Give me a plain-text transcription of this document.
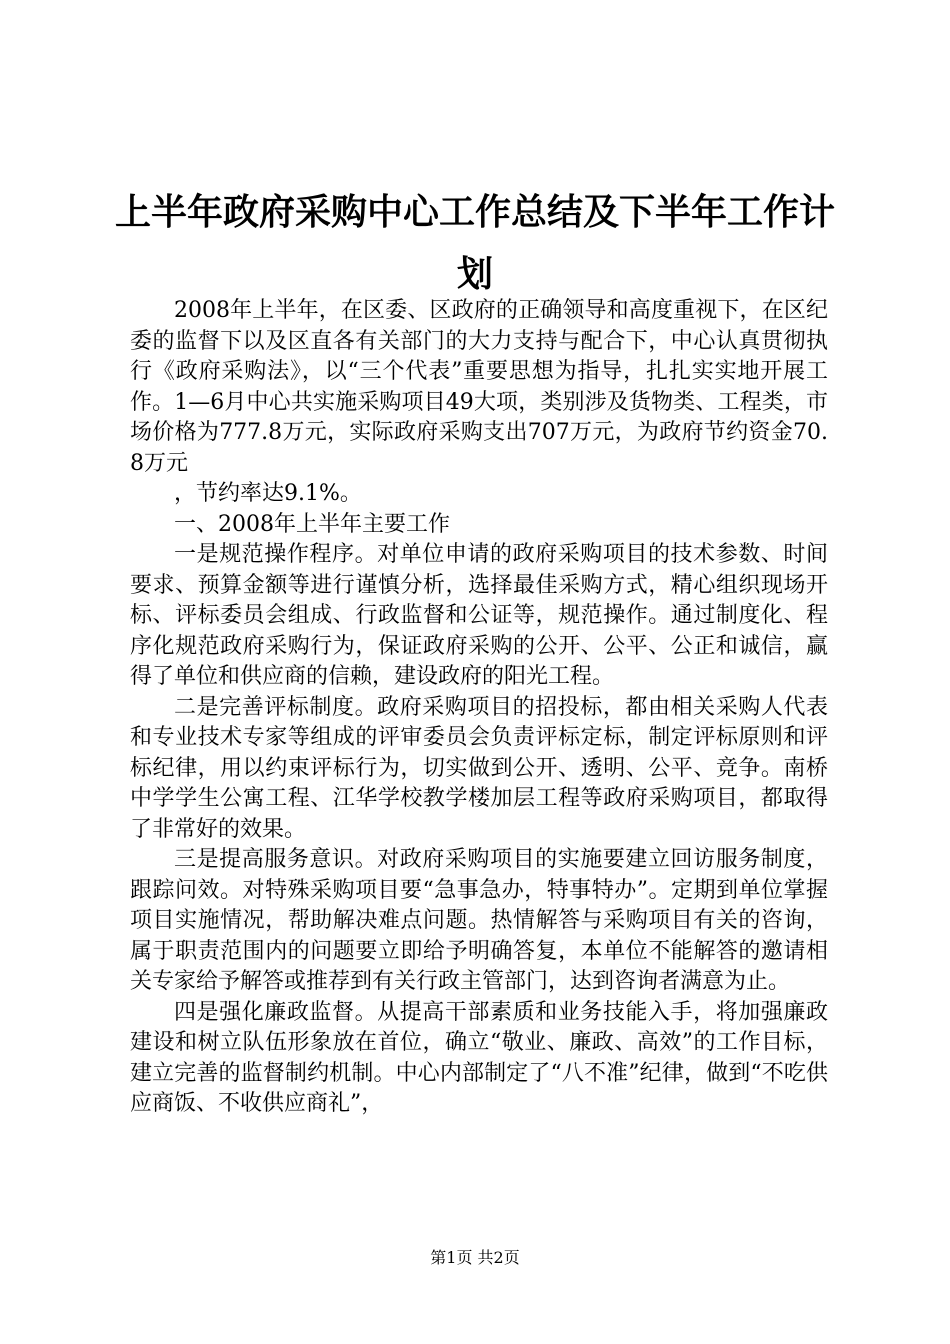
上半年政府采购中心工作总结及下半年工作计划

2008年上半年，在区委、区政府的正确领导和高度重视下，在区纪委的监督下以及区直各有关部门的大力支持与配合下，中心认真贯彻执行《政府采购法》，以“三个代表”重要思想为指导，扎扎实实地开展工作。1—6月中心共实施采购项目49大项，类别涉及货物类、工程类，市场价格为777.8万元，实际政府采购支出707万元，为政府节约资金70.8万元

，节约率达9.1%。

一、2008年上半年主要工作

一是规范操作程序。对单位申请的政府采购项目的技术参数、时间要求、预算金额等进行谨慎分析，选择最佳采购方式，精心组织现场开标、评标委员会组成、行政监督和公证等，规范操作。通过制度化、程序化规范政府采购行为，保证政府采购的公开、公平、公正和诚信，赢得了单位和供应商的信赖，建设政府的阳光工程。

二是完善评标制度。政府采购项目的招投标，都由相关采购人代表和专业技术专家等组成的评审委员会负责评标定标，制定评标原则和评标纪律，用以约束评标行为，切实做到公开、透明、公平、竞争。南桥中学学生公寓工程、江华学校教学楼加层工程等政府采购项目，都取得了非常好的效果。

三是提高服务意识。对政府采购项目的实施要建立回访服务制度，跟踪问效。对特殊采购项目要“急事急办，特事特办”。定期到单位掌握项目实施情况，帮助解决难点问题。热情解答与采购项目有关的咨询，属于职责范围内的问题要立即给予明确答复，本单位不能解答的邀请相关专家给予解答或推荐到有关行政主管部门，达到咨询者满意为止。

四是强化廉政监督。从提高干部素质和业务技能入手，将加强廉政建设和树立队伍形象放在首位，确立“敬业、廉政、高效”的工作目标，建立完善的监督制约机制。中心内部制定了“八不准”纪律，做到“不吃供应商饭、不收供应商礼”，

第1页 共2页
